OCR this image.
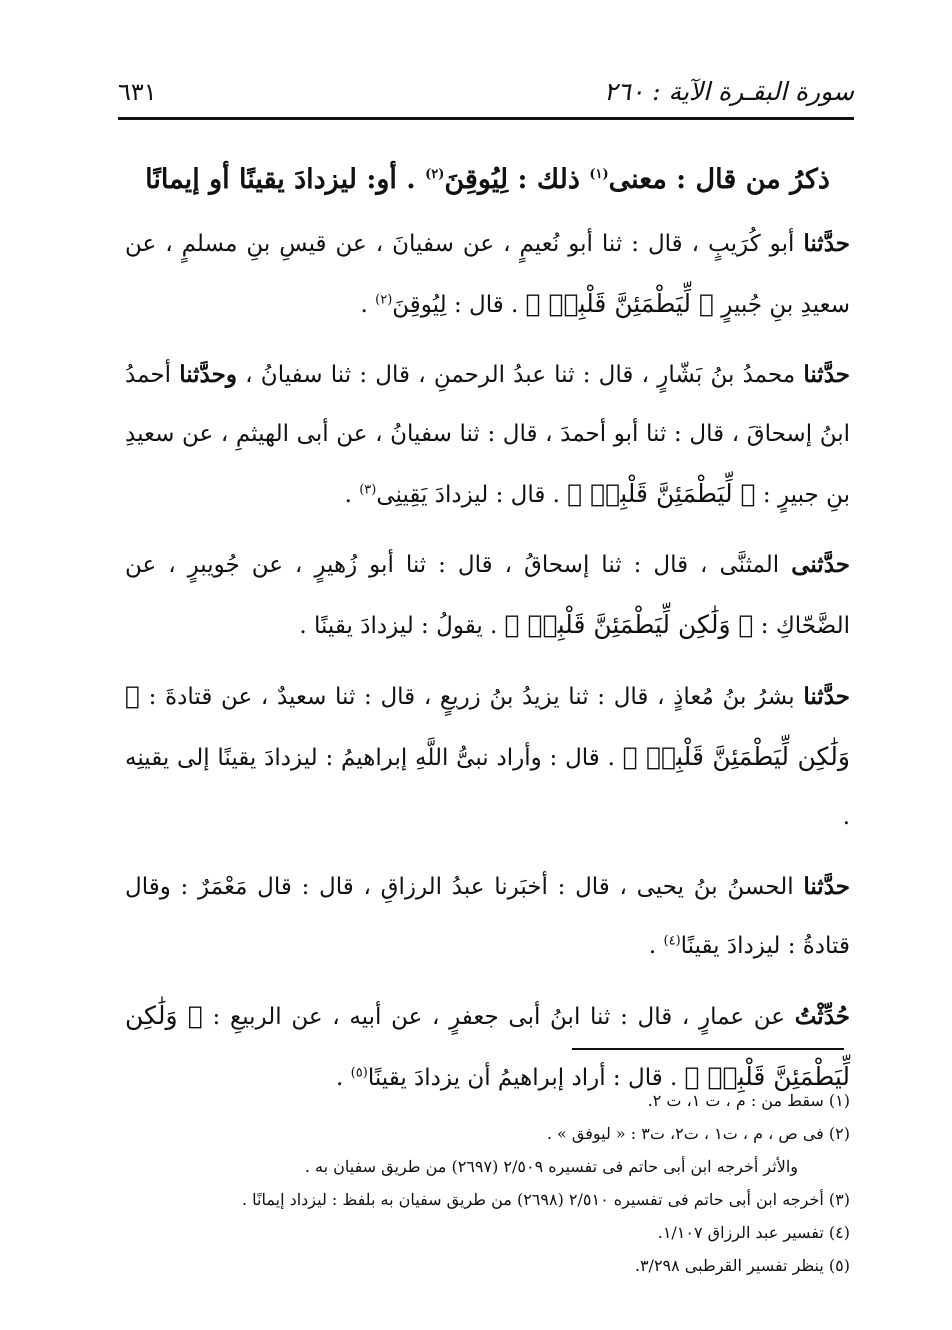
سورة البقـرة الآية : ٢٦٠
٦٣١
ذكرُ من قال : معنى$^{(١)}$ ذلك : لِيُوقِنَ$^{(٢)}$ . أو: ليزدادَ يقينًا أو إيمانًا

حدَّثنا أبو كُرَيبٍ ، قال : ثنا أبو نُعيمٍ ، عن سفيانَ ، عن قيسِ بنِ مسلمٍ ، عن سعيدِ بنِ جُبيرٍ ﴿ لِّيَطْمَئِنَّ قَلْبِىۖ ﴾ . قال : لِيُوقِنَ$^{(٢)}$ .

حدَّثنا محمدُ بنُ بَشّارٍ ، قال : ثنا عبدُ الرحمنِ ، قال : ثنا سفيانُ ، وحدَّثنا أحمدُ ابنُ إسحاقَ ، قال : ثنا أبو أحمدَ ، قال : ثنا سفيانُ ، عن أبى الهيثمِ ، عن سعيدِ بنِ جبيرٍ : ﴿ لِّيَطْمَئِنَّ قَلْبِىۖ ﴾ . قال : ليزدادَ يَقِينِى$^{(٣)}$ .

حدَّثنى المثنَّى ، قال : ثنا إسحاقُ ، قال : ثنا أبو زُهيرٍ ، عن جُويبرٍ ، عن الضَّحّاكِ : ﴿ وَلَٰكِن لِّيَطْمَئِنَّ قَلْبِىۖ ﴾ . يقولُ : ليزدادَ يقينًا .

حدَّثنا بشرُ بنُ مُعاذٍ ، قال : ثنا يزيدُ بنُ زريعٍ ، قال : ثنا سعيدٌ ، عن قتادةَ : ﴿ وَلَٰكِن لِّيَطْمَئِنَّ قَلْبِىۖ ﴾ . قال : وأراد نبىُّ اللَّهِ إبراهيمُ : ليزدادَ يقينًا إلى يقينِه .

حدَّثنا الحسنُ بنُ يحيى ، قال : أخبَرنا عبدُ الرزاقِ ، قال : قال مَعْمَرٌ : وقال قتادةُ : ليزدادَ يقينًا$^{(٤)}$ .

حُدِّثْتُ عن عمارٍ ، قال : ثنا ابنُ أبى جعفرٍ ، عن أبيه ، عن الربيعِ : ﴿ وَلَٰكِن لِّيَطْمَئِنَّ قَلْبِىۖ ﴾ . قال : أراد إبراهيمُ أن يزدادَ يقينًا$^{(٥)}$ .

(١) سقط من : م ، ت ١، ت ٢.
(٢) فى ص ، م ، ت١ ، ت٢، ت٣ : « ليوفق » .
والأثر أخرجه ابن أبى حاتم فى تفسيره ٢/٥٠٩ (٢٦٩٧) من طريق سفيان به .
(٣) أخرجه ابن أبى حاتم فى تفسيره ٢/٥١٠ (٢٦٩٨) من طريق سفيان به بلفظ : ليزداد إيمانًا .
(٤) تفسير عبد الرزاق ١/١٠٧.
(٥) ينظر تفسير القرطبى ٣/٢٩٨.
